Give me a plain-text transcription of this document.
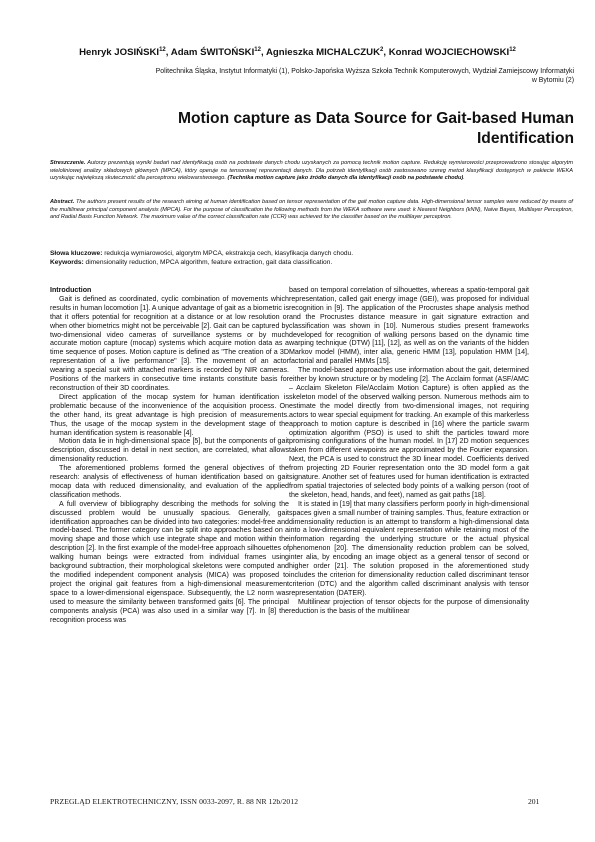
Henryk JOSIŃSKI$^{12}$, Adam ŚWITOŃSKI$^{12}$, Agnieszka MICHALCZUK$^2$, Konrad WOJCIECHOWSKI$^{12}$
Politechnika Śląska, Instytut Informatyki (1), Polsko-Japońska Wyższa Szkoła Technik Komputerowych, Wydział Zamiejscowy Informatyki
w Bytomiu (2)
Motion capture as Data Source for Gait-based Human
Identification
Streszczenie. Autorzy prezentują wyniki badań nad identyfikacją osób na podstawie danych chodu uzyskanych za pomocą technik motion capture. Redukcję wymiarowości przeprowadzono stosując algorytm wieloliniowej analizy składowych głównych (MPCA), który operuje na tensorowej reprezentacji danych. Dla potrzeb identyfikacji osób zastosowano szereg metod klasyfikacji dostępnych w pakiecie WEKA uzyskując największą skuteczność dla perceptronu wielowarstwowego. (Technika motion capture jako źródło danych dla identyfikacji osób na podstawie chodu).
Abstract. The authors present results of the research aiming at human identification based on tensor representation of the gait motion capture data. High-dimensional tensor samples were reduced by means of the multilinear principal component analysis (MPCA). For the purpose of classification the following methods from the WEKA software were used: k Nearest Neighbors (kNN), Naive Bayes, Multilayer Perceptron, and Radial Basis Function Network. The maximum value of the correct classification rate (CCR) was achieved for the classifier based on the multilayer perceptron.
Słowa kluczowe: redukcja wymiarowości, algorytm MPCA, ekstrakcja cech, klasyfikacja danych chodu.
Keywords: dimensionality reduction, MPCA algorithm, feature extraction, gait data classification.

Introduction

Gait is defined as coordinated, cyclic combination of movements which results in human locomotion [1]. A unique advantage of gait as a biometric is that it offers potential for recognition at a distance or at low resolution or when other biometrics might not be perceivable [2]. Gait can be captured by two-dimensional video cameras of surveillance systems or by much accurate motion capture (mocap) systems which acquire motion data as a time sequence of poses. Motion capture is defined as "The creation of a 3D representation of a live performance" [3]. The movement of an actor wearing a special suit with attached markers is recorded by NIR cameras. Positions of the markers in consecutive time instants constitute basis for reconstruction of their 3D coordinates.

Direct application of the mocap system for human identification is problematic because of the inconvenience of the acquisition process. On the other hand, its great advantage is high precision of measurements. Thus, the usage of the mocap system in the development stage of the human identification system is reasonable [4].

Motion data lie in high-dimensional space [5], but the components of gait description, discussed in detail in next section, are correlated, what allows dimensionality reduction.

The aforementioned problems formed the general objectives of the research: analysis of effectiveness of human identification based on gait mocap data with reduced dimensionality, and evaluation of the applied classification methods.

A full overview of bibliography describing the methods for solving the discussed problem would be unusually spacious. Generally, gait identification approaches can be divided into two categories: model-free and model-based. The former category can be split into approaches based on a moving shape and those which use integrate shape and motion within the description [2]. In the first example of the model-free approach silhouettes of walking human beings were extracted from individual frames using background subtraction, their morphological skeletons were computed and the modified independent component analysis (MICA) was proposed to project the original gait features from a high-dimensional measurement space to a lower-dimensional eigenspace. Subsequently, the L2 norm was used to measure the similarity between transformed gaits [6]. The principal components analysis (PCA) was also used in a similar way [7]. In [8] the recognition process was

based on temporal correlation of silhouettes, whereas a spatio-temporal gait representation, called gait energy image (GEI), was proposed for individual recognition in [9]. The application of the Procrustes shape analysis method and the Procrustes distance measure in gait signature extraction and classification was shown in [10]. Numerous studies present frameworks developed for recognition of walking persons based on the dynamic time warping technique (DTW) [11], [12], as well as on the variants of the hidden Markov model (HMM), inter alia, generic HMM [13], population HMM [14], factorial and parallel HMMs [15].

The model-based approaches use information about the gait, determined either by known structure or by modeling [2]. The Acclaim format (ASF/AMC – Acclaim Skeleton File/Acclaim Motion Capture) is often applied as the skeleton model of the observed walking person. Numerous methods aim to estimate the model directly from two-dimensional images, not requiring actors to wear special equipment for tracking. An example of this markerless approach to motion capture is described in [16] where the particle swarm optimization algorithm (PSO) is used to shift the particles toward more promising configurations of the human model. In [17] 2D motion sequences taken from different viewpoints are approximated by the Fourier expansion. Next, the PCA is used to construct the 3D linear model. Coefficients derived from projecting 2D Fourier representation onto the 3D model form a gait signature. Another set of features used for human identification is extracted from spatial trajectories of selected body points of a walking person (root of the skeleton, head, hands, and feet), named as gait paths [18].

It is stated in [19] that many classifiers perform poorly in high-dimensional spaces given a small number of training samples. Thus, feature extraction or dimensionality reduction is an attempt to transform a high-dimensional data into a low-dimensional equivalent representation while retaining most of the information regarding the underlying structure or the actual physical phenomenon [20]. The dimensionality reduction problem can be solved, inter alia, by encoding an image object as a general tensor of second or higher order [21]. The solution proposed in the aforementioned study includes the criterion for dimensionality reduction called discriminant tensor criterion (DTC) and the algorithm called discriminant analysis with tensor representation (DATER).

Multilinear projection of tensor objects for the purpose of dimensionality reduction is the basis of the multilinear

PRZEGLĄD ELEKTROTECHNICZNY, ISSN 0033-2097, R. 88 NR 12b/2012	201
